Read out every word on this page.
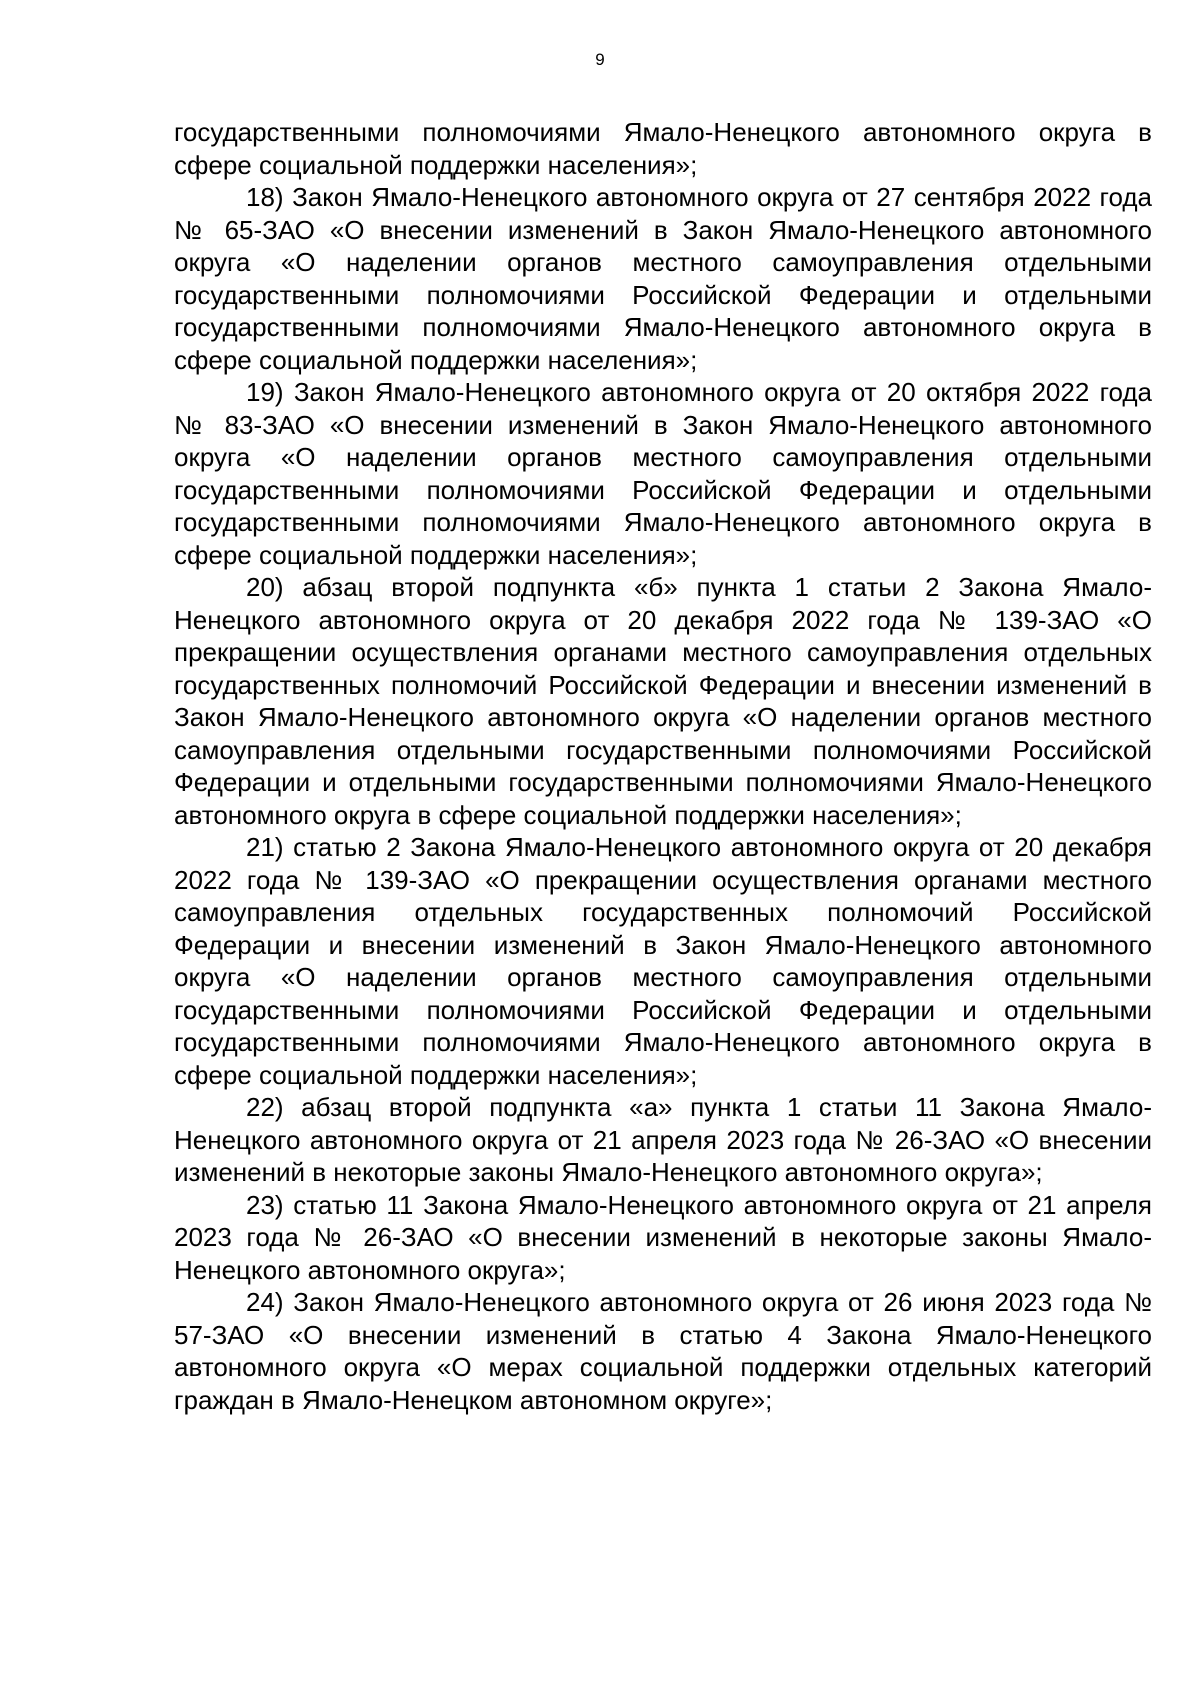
9

государственными полномочиями Ямало-Ненецкого автономного округа в сфере социальной поддержки населения»;

18) Закон Ямало-Ненецкого автономного округа от 27 сентября 2022 года № 65-ЗАО «О внесении изменений в Закон Ямало-Ненецкого автономного округа «О наделении органов местного самоуправления отдельными государственными полномочиями Российской Федерации и отдельными государственными полномочиями Ямало-Ненецкого автономного округа в сфере социальной поддержки населения»;

19) Закон Ямало-Ненецкого автономного округа от 20 октября 2022 года № 83-ЗАО «О внесении изменений в Закон Ямало-Ненецкого автономного округа «О наделении органов местного самоуправления отдельными государственными полномочиями Российской Федерации и отдельными государственными полномочиями Ямало-Ненецкого автономного округа в сфере социальной поддержки населения»;

20) абзац второй подпункта «б» пункта 1 статьи 2 Закона Ямало-Ненецкого автономного округа от 20 декабря 2022 года № 139-ЗАО «О прекращении осуществления органами местного самоуправления отдельных государственных полномочий Российской Федерации и внесении изменений в Закон Ямало-Ненецкого автономного округа «О наделении органов местного самоуправления отдельными государственными полномочиями Российской Федерации и отдельными государственными полномочиями Ямало-Ненецкого автономного округа в сфере социальной поддержки населения»;

21) статью 2 Закона Ямало-Ненецкого автономного округа от 20 декабря 2022 года № 139-ЗАО «О прекращении осуществления органами местного самоуправления отдельных государственных полномочий Российской Федерации и внесении изменений в Закон Ямало-Ненецкого автономного округа «О наделении органов местного самоуправления отдельными государственными полномочиями Российской Федерации и отдельными государственными полномочиями Ямало-Ненецкого автономного округа в сфере социальной поддержки населения»;

22) абзац второй подпункта «а» пункта 1 статьи 11 Закона Ямало-Ненецкого автономного округа от 21 апреля 2023 года № 26-ЗАО «О внесении изменений в некоторые законы Ямало-Ненецкого автономного округа»;

23) статью 11 Закона Ямало-Ненецкого автономного округа от 21 апреля 2023 года № 26-ЗАО «О внесении изменений в некоторые законы Ямало-Ненецкого автономного округа»;

24) Закон Ямало-Ненецкого автономного округа от 26 июня 2023 года № 57-ЗАО «О внесении изменений в статью 4 Закона Ямало-Ненецкого автономного округа «О мерах социальной поддержки отдельных категорий граждан в Ямало-Ненецком автономном округе»;
